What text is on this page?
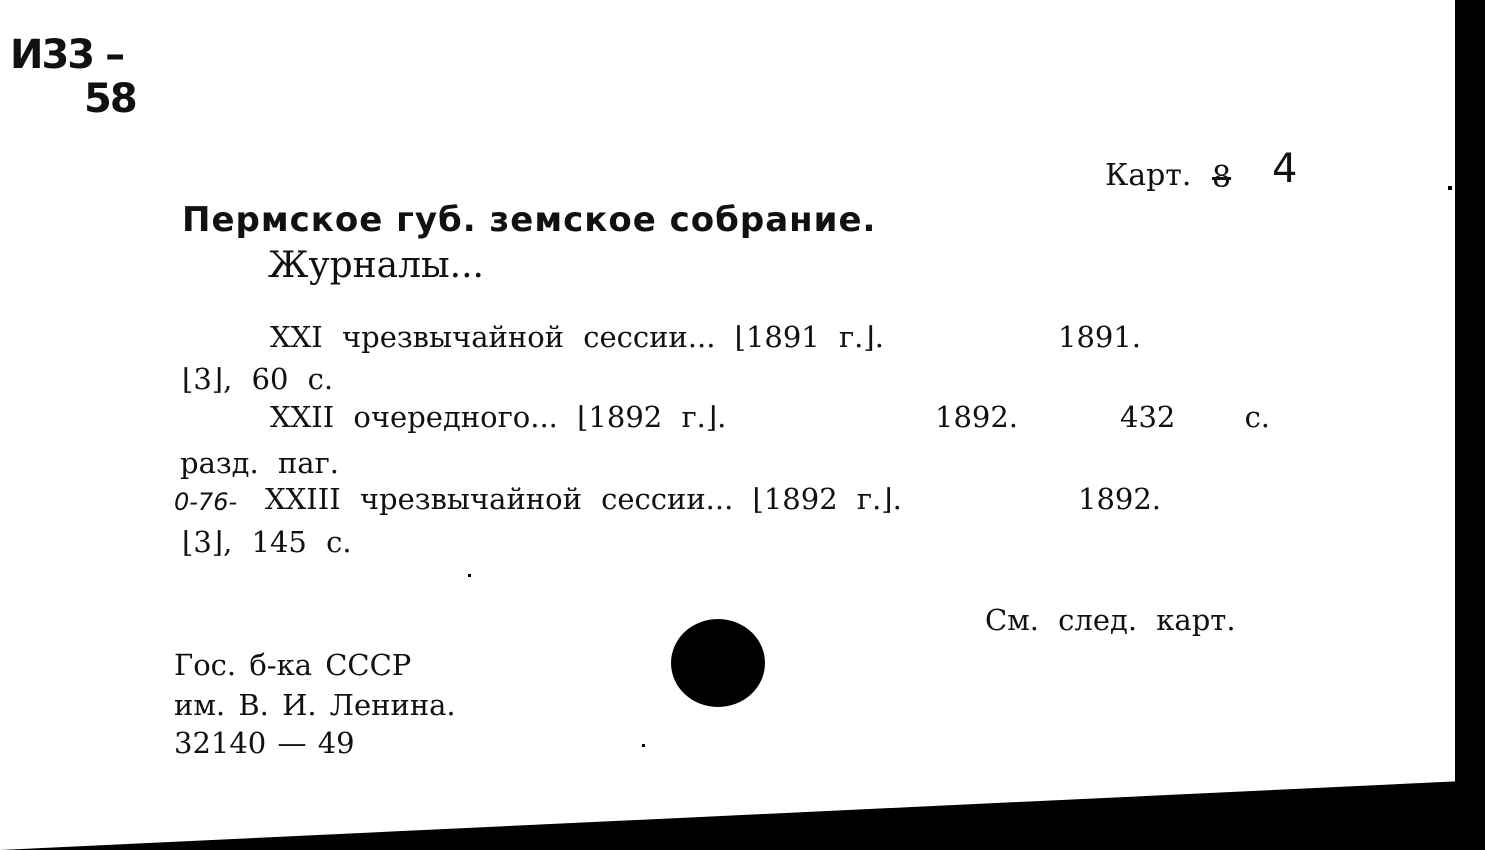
И33 –
58
Карт. 8 4
Пермское губ. земское собрание.
Журналы...
XXI чрезвычайной сессии... ⌊1891 г.⌋.	1891.
⌊3⌋, 60 с.
XXII очередного... ⌊1892 г.⌋.	1892.	432 с.
разд. паг.
0-76- XXIII чрезвычайной сессии... ⌊1892 г.⌋.	1892.
⌊3⌋, 145 с.
См. след. карт.
Гос. б-ка СССР
им. В. И. Ленина.
32140 — 49
